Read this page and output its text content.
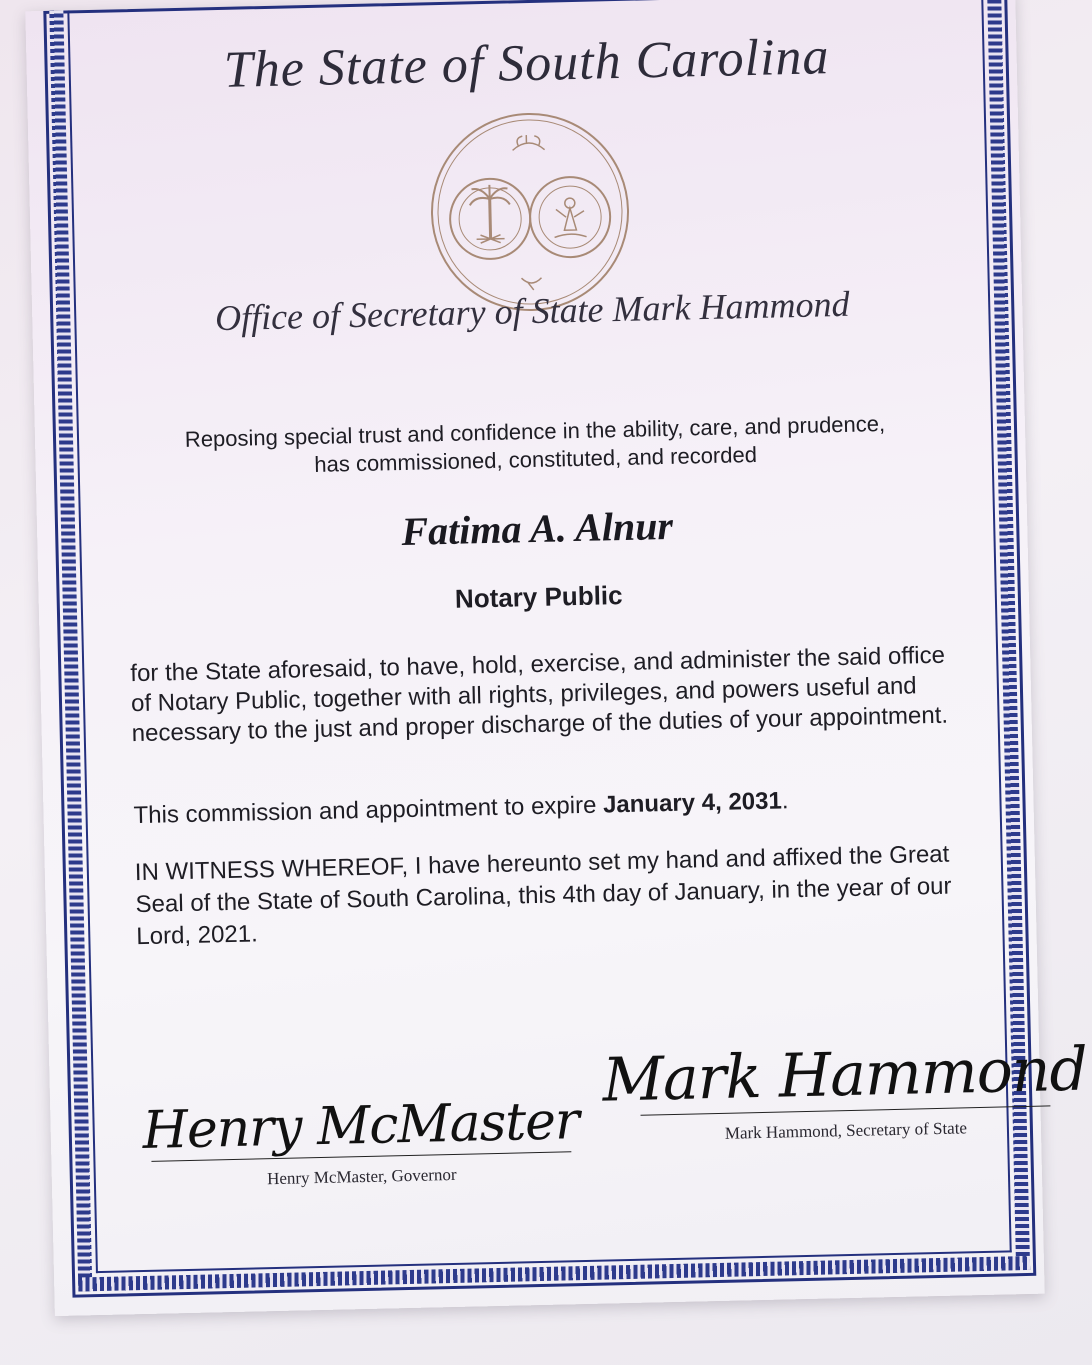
The State of South Carolina
Office of Secretary of State Mark Hammond
Reposing special trust and confidence in the ability, care, and prudence,
has commissioned, constituted, and recorded
Fatima A. Alnur
Notary Public
for the State aforesaid, to have, hold, exercise, and administer the said office of Notary Public, together with all rights, privileges, and powers useful and necessary to the just and proper discharge of the duties of your appointment.
This commission and appointment to expire January 4, 2031.
IN WITNESS WHEREOF, I have hereunto set my hand and affixed the Great Seal of the State of South Carolina, this 4th day of January, in the year of our Lord, 2021.
Henry McMaster
Henry McMaster, Governor
Mark Hammond
Mark Hammond, Secretary of State
